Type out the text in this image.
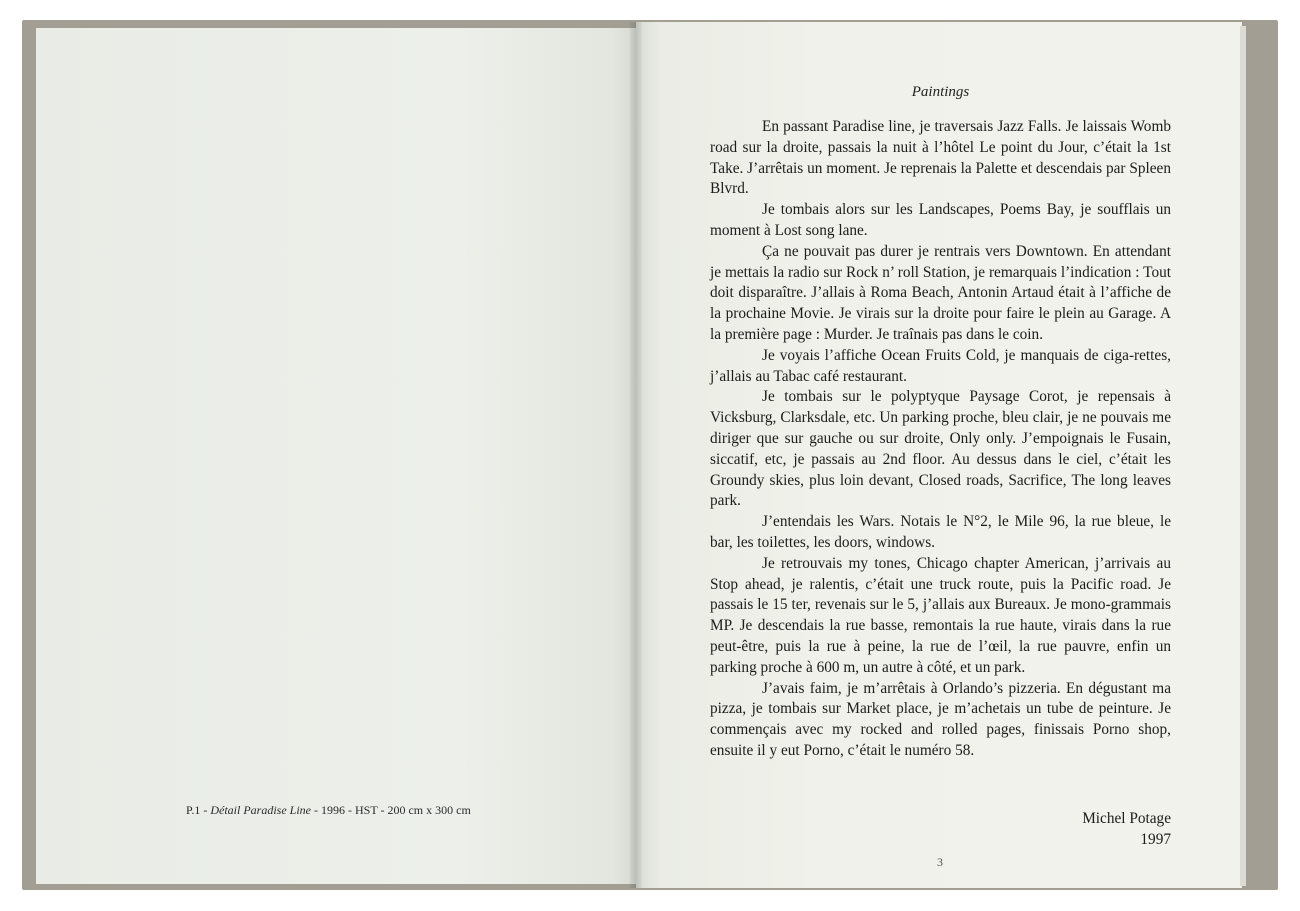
P.1 - Détail Paradise Line - 1996 - HST - 200 cm x 300 cm
Paintings

En passant Paradise line, je traversais Jazz Falls. Je laissais Womb road sur la droite, passais la nuit à l’hôtel Le point du Jour, c’était la 1st Take. J’arrêtais un moment. Je reprenais la Palette et descendais par Spleen Blvrd.

Je tombais alors sur les Landscapes, Poems Bay, je soufflais un moment à Lost song lane.

Ça ne pouvait pas durer je rentrais vers Downtown. En attendant je mettais la radio sur Rock n’ roll Station, je remarquais l’indication : Tout doit disparaître. J’allais à Roma Beach, Antonin Artaud était à l’affiche de la prochaine Movie. Je virais sur la droite pour faire le plein au Garage. A la première page : Murder. Je traînais pas dans le coin.

Je voyais l’affiche Ocean Fruits Cold, je manquais de ciga-rettes, j’allais au Tabac café restaurant.

Je tombais sur le polyptyque Paysage Corot, je repensais à Vicksburg, Clarksdale, etc. Un parking proche, bleu clair, je ne pouvais me diriger que sur gauche ou sur droite, Only only. J’empoignais le Fusain, siccatif, etc, je passais au 2nd floor. Au dessus dans le ciel, c’était les Groundy skies, plus loin devant, Closed roads, Sacrifice, The long leaves park.

J’entendais les Wars. Notais le N°2, le Mile 96, la rue bleue, le bar, les toilettes, les doors, windows.

Je retrouvais my tones, Chicago chapter American, j’arrivais au Stop ahead, je ralentis, c’était une truck route, puis la Pacific road. Je passais le 15 ter, revenais sur le 5, j’allais aux Bureaux. Je mono-grammais MP. Je descendais la rue basse, remontais la rue haute, virais dans la rue peut-être, puis la rue à peine, la rue de l’œil, la rue pauvre, enfin un parking proche à 600 m, un autre à côté, et un park.

J’avais faim, je m’arrêtais à Orlando’s pizzeria. En dégustant ma pizza, je tombais sur Market place, je m’achetais un tube de peinture. Je commençais avec my rocked and rolled pages, finissais Porno shop, ensuite il y eut Porno, c’était le numéro 58.

Michel Potage
1997
3
